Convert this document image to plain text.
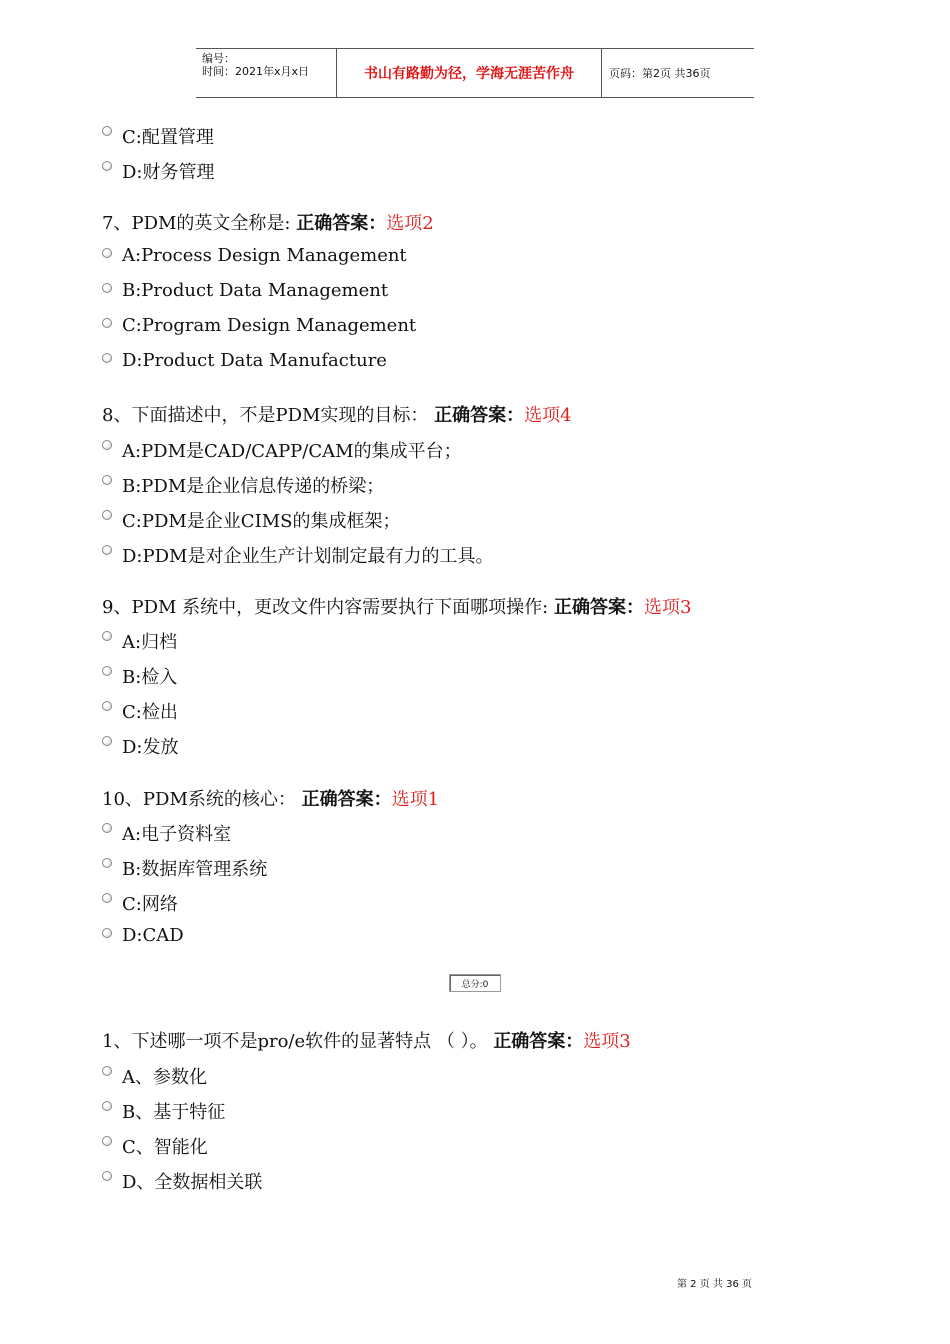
编号：
时间：2021年x月x日	书山有路勤为径，学海无涯苦作舟	页码：第2页 共36页
C:配置管理
D:财务管理
7、PDM的英文全称是: 正确答案：选项2
A:Process Design Management
B:Product Data Management
C:Program Design Management
D:Product Data Manufacture
8、下面描述中，不是PDM实现的目标： 正确答案：选项4
A:PDM是CAD/CAPP/CAM的集成平台；
B:PDM是企业信息传递的桥梁；
C:PDM是企业CIMS的集成框架；
D:PDM是对企业生产计划制定最有力的工具。
9、PDM 系统中，更改文件内容需要执行下面哪项操作: 正确答案：选项3
A:归档
B:检入
C:检出
D:发放
10、PDM系统的核心： 正确答案：选项1
A:电子资料室
B:数据库管理系统
C:网络
D:CAD
总分:0
1、下述哪一项不是pro/e软件的显著特点 （ ）。 正确答案：选项3
A、参数化
B、基于特征
C、智能化
D、全数据相关联
第 2 页 共 36 页
